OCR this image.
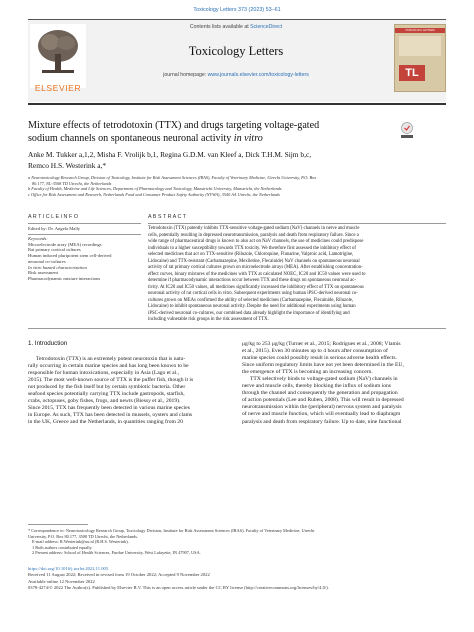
Toxicology Letters 373 (2023) 53–61
ELSEVIER
Contents lists available at ScienceDirect
Toxicology Letters
journal homepage: www.journals.elsevier.com/toxicology-letters
TOXICOLOGY LETTERS
TL
Mixture effects of tetrodotoxin (TTX) and drugs targeting voltage-gated
sodium channels on spontaneous neuronal activity in vitro
Anke M. Tukker a,1,2, Misha F. Vrolijk b,1, Regina G.D.M. van Kleef a, Dick T.H.M. Sijm b,c,
Remco H.S. Westerink a,*
a Neurotoxicology Research Group, Division of Toxicology, Institute for Risk Assessment Sciences (IRAS), Faculty of Veterinary Medicine, Utrecht University, P.O. Box
80.177, NL-3508 TD Utrecht, the Netherlands
b Faculty of Health, Medicine and Life Sciences, Department of Pharmacology and Toxicology, Maastricht University, Maastricht, the Netherlands
c Office for Risk Assessment and Research, Netherlands Food and Consumer Product Safety Authority (NVWA), 3540 AA Utrecht, the Netherlands
A R T I C L E I N F O
Edited by: Dr. Angela Mally
Keywords:
Microelectrode array (MEA) recordings
Rat primary cortical cultures
Human induced pluripotent stem cell-derived
neuronal co-cultures
In vitro hazard characterization
Risk assessment
Pharmacodynamic mixture interactions
A B S T R A C T
Tetrodotoxin (TTX) potently inhibits TTX-sensitive voltage-gated sodium (NaV) channels in nerve and muscle
cells, potentially resulting in depressed neurotransmission, paralysis and death from respiratory failure. Since a
wide range of pharmaceutical drugs is known to also act on NaV channels, the use of medicines could predispose
individuals to a higher susceptibility towards TTX toxicity. We therefore first assessed the inhibitory effect of
selected medicines that act on TTX-sensitive (Riluzole, Chloroquine, Flunarine, Valproic acid, Lamotrigine,
Lidocaine) and TTX-resistant (Carbamazepine, Mexiletine, Flecainide) NaV channels on spontaneous neuronal
activity of rat primary cortical cultures grown on microelectrode arrays (MEA). After establishing concentration-
effect curves, binary mixtures of the medicines with TTX at calculated NOEC, IC20 and IC50 values were used to
determine if pharmacodynamic interactions occur between TTX and these drugs on spontaneous neuronal ac-
tivity. At IC20 and IC50 values, all medicines significantly increased the inhibitory effect of TTX on spontaneous
neuronal activity of rat cortical cells in vitro. Subsequent experiments using human iPSC-derived neuronal co-
cultures grown on MEAs confirmed the ability of selected medicines (Carbamazepine, Flecainide, Riluzole,
Lidocaine) to inhibit spontaneous neuronal activity. Despite the need for additional experiments using human
iPSC-derived neuronal co-cultures, our combined data already highlight the importance of identifying and
including vulnerable risk groups in the risk assessment of TTX.
1. Introduction
Tetrodotoxin (TTX) is an extremely potent neurotoxin that is natu-
rally occurring in certain marine species and has long been known to be
responsible for human intoxications, especially in Asia (Lago et al.,
2015). The most well-known source of TTX is the puffer fish, though it is
not produced by the fish itself but by certain symbiotic bacteria. Other
seafood species potentially carrying TTX include gastropods, starfish,
crabs, octopuses, goby fishes, frogs, and newts (Biessy et al., 2019).
Since 2015, TTX has frequently been detected in various marine species
in Europe. As such, TTX has been detected in mussels, oysters and clams
in the UK, Greece and the Netherlands, in quantities ranging from 20
μg/kg to 253 μg/kg (Turner et al., 2015; Rodrigues et al., 2008; Vlamis
et al., 2015). Even 30 minutes up to 4 hours after consumption of
marine species could possibly result in serious adverse health effects.
Since uniform regulatory limits have not yet been determined in the EU,
the emergence of TTX is becoming an increasing concern.
TTX selectively binds to voltage-gated sodium (NaV) channels in
nerve and muscle cells, thereby blocking the influx of sodium ions
through the channel and consequently the generation and propagation
of action potentials (Lee and Ruben, 2008). This will result in depressed
neurotransmission within the (peripheral) nervous system and paralysis
of nerve and muscle function, which will eventually lead to diaphragm
paralysis and death from respiratory failure. Up to date, nine functional
* Correspondence to: Neurotoxicology Research Group, Toxicology Division, Institute for Risk Assessment Sciences (IRAS), Faculty of Veterinary Medicine, Utrecht
University, P.O. Box 80.177, 3508 TD Utrecht, the Netherlands.
E-mail address: R.Westerink@uu.nl (R.H.S. Westerink).
1 Both authors contributed equally.
2 Present address: School of Health Sciences, Purdue University, West Lafayette, IN 47907, USA.
https://doi.org/10.1016/j.toxlet.2022.11.005
Received 11 August 2022; Received in revised form 19 October 2022; Accepted 9 November 2022
Available online 12 November 2022
0378-4274/© 2022 The Author(s). Published by Elsevier B.V. This is an open access article under the CC BY license (http://creativecommons.org/licenses/by/4.0/).
